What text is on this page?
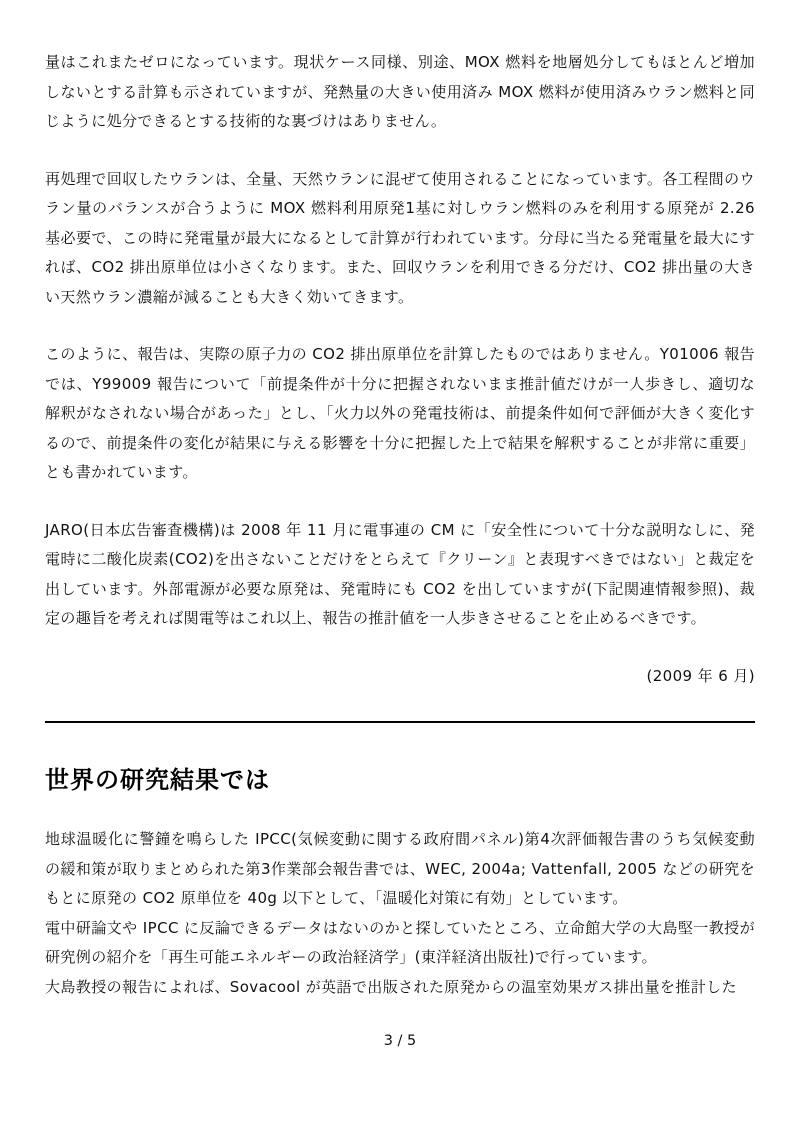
量はこれまたゼロになっています。現状ケース同様、別途、MOX 燃料を地層処分してもほとんど増加しないとする計算も示されていますが、発熱量の大きい使用済み MOX 燃料が使用済みウラン燃料と同じように処分できるとする技術的な裏づけはありません。

再処理で回収したウランは、全量、天然ウランに混ぜて使用されることになっています。各工程間のウラン量のバランスが合うように MOX 燃料利用原発1基に対しウラン燃料のみを利用する原発が 2.26 基必要で、この時に発電量が最大になるとして計算が行われています。分母に当たる発電量を最大にすれば、CO2 排出原単位は小さくなります。また、回収ウランを利用できる分だけ、CO2 排出量の大きい天然ウラン濃縮が減ることも大きく効いてきます。

このように、報告は、実際の原子力の CO2 排出原単位を計算したものではありません。Y01006 報告では、Y99009 報告について「前提条件が十分に把握されないまま推計値だけが一人歩きし、適切な解釈がなされない場合があった」とし、「火力以外の発電技術は、前提条件如何で評価が大きく変化するので、前提条件の変化が結果に与える影響を十分に把握した上で結果を解釈することが非常に重要」とも書かれています。

JARO(日本広告審査機構)は 2008 年 11 月に電事連の CM に「安全性について十分な説明なしに、発電時に二酸化炭素(CO2)を出さないことだけをとらえて『クリーン』と表現すべきではない」と裁定を出しています。外部電源が必要な原発は、発電時にも CO2 を出していますが(下記関連情報参照)、裁定の趣旨を考えれば関電等はこれ以上、報告の推計値を一人歩きさせることを止めるべきです。

(2009 年 6 月)

世界の研究結果では

地球温暖化に警鐘を鳴らした IPCC(気候変動に関する政府間パネル)第4次評価報告書のうち気候変動の緩和策が取りまとめられた第3作業部会報告書では、WEC, 2004a; Vattenfall, 2005 などの研究をもとに原発の CO2 原単位を 40g 以下として、「温暖化対策に有効」としています。

電中研論文や IPCC に反論できるデータはないのかと探していたところ、立命館大学の大島堅一教授が研究例の紹介を「再生可能エネルギーの政治経済学」(東洋経済出版社)で行っています。

大島教授の報告によれば、Sovacool が英語で出版された原発からの温室効果ガス排出量を推計した

3 / 5
